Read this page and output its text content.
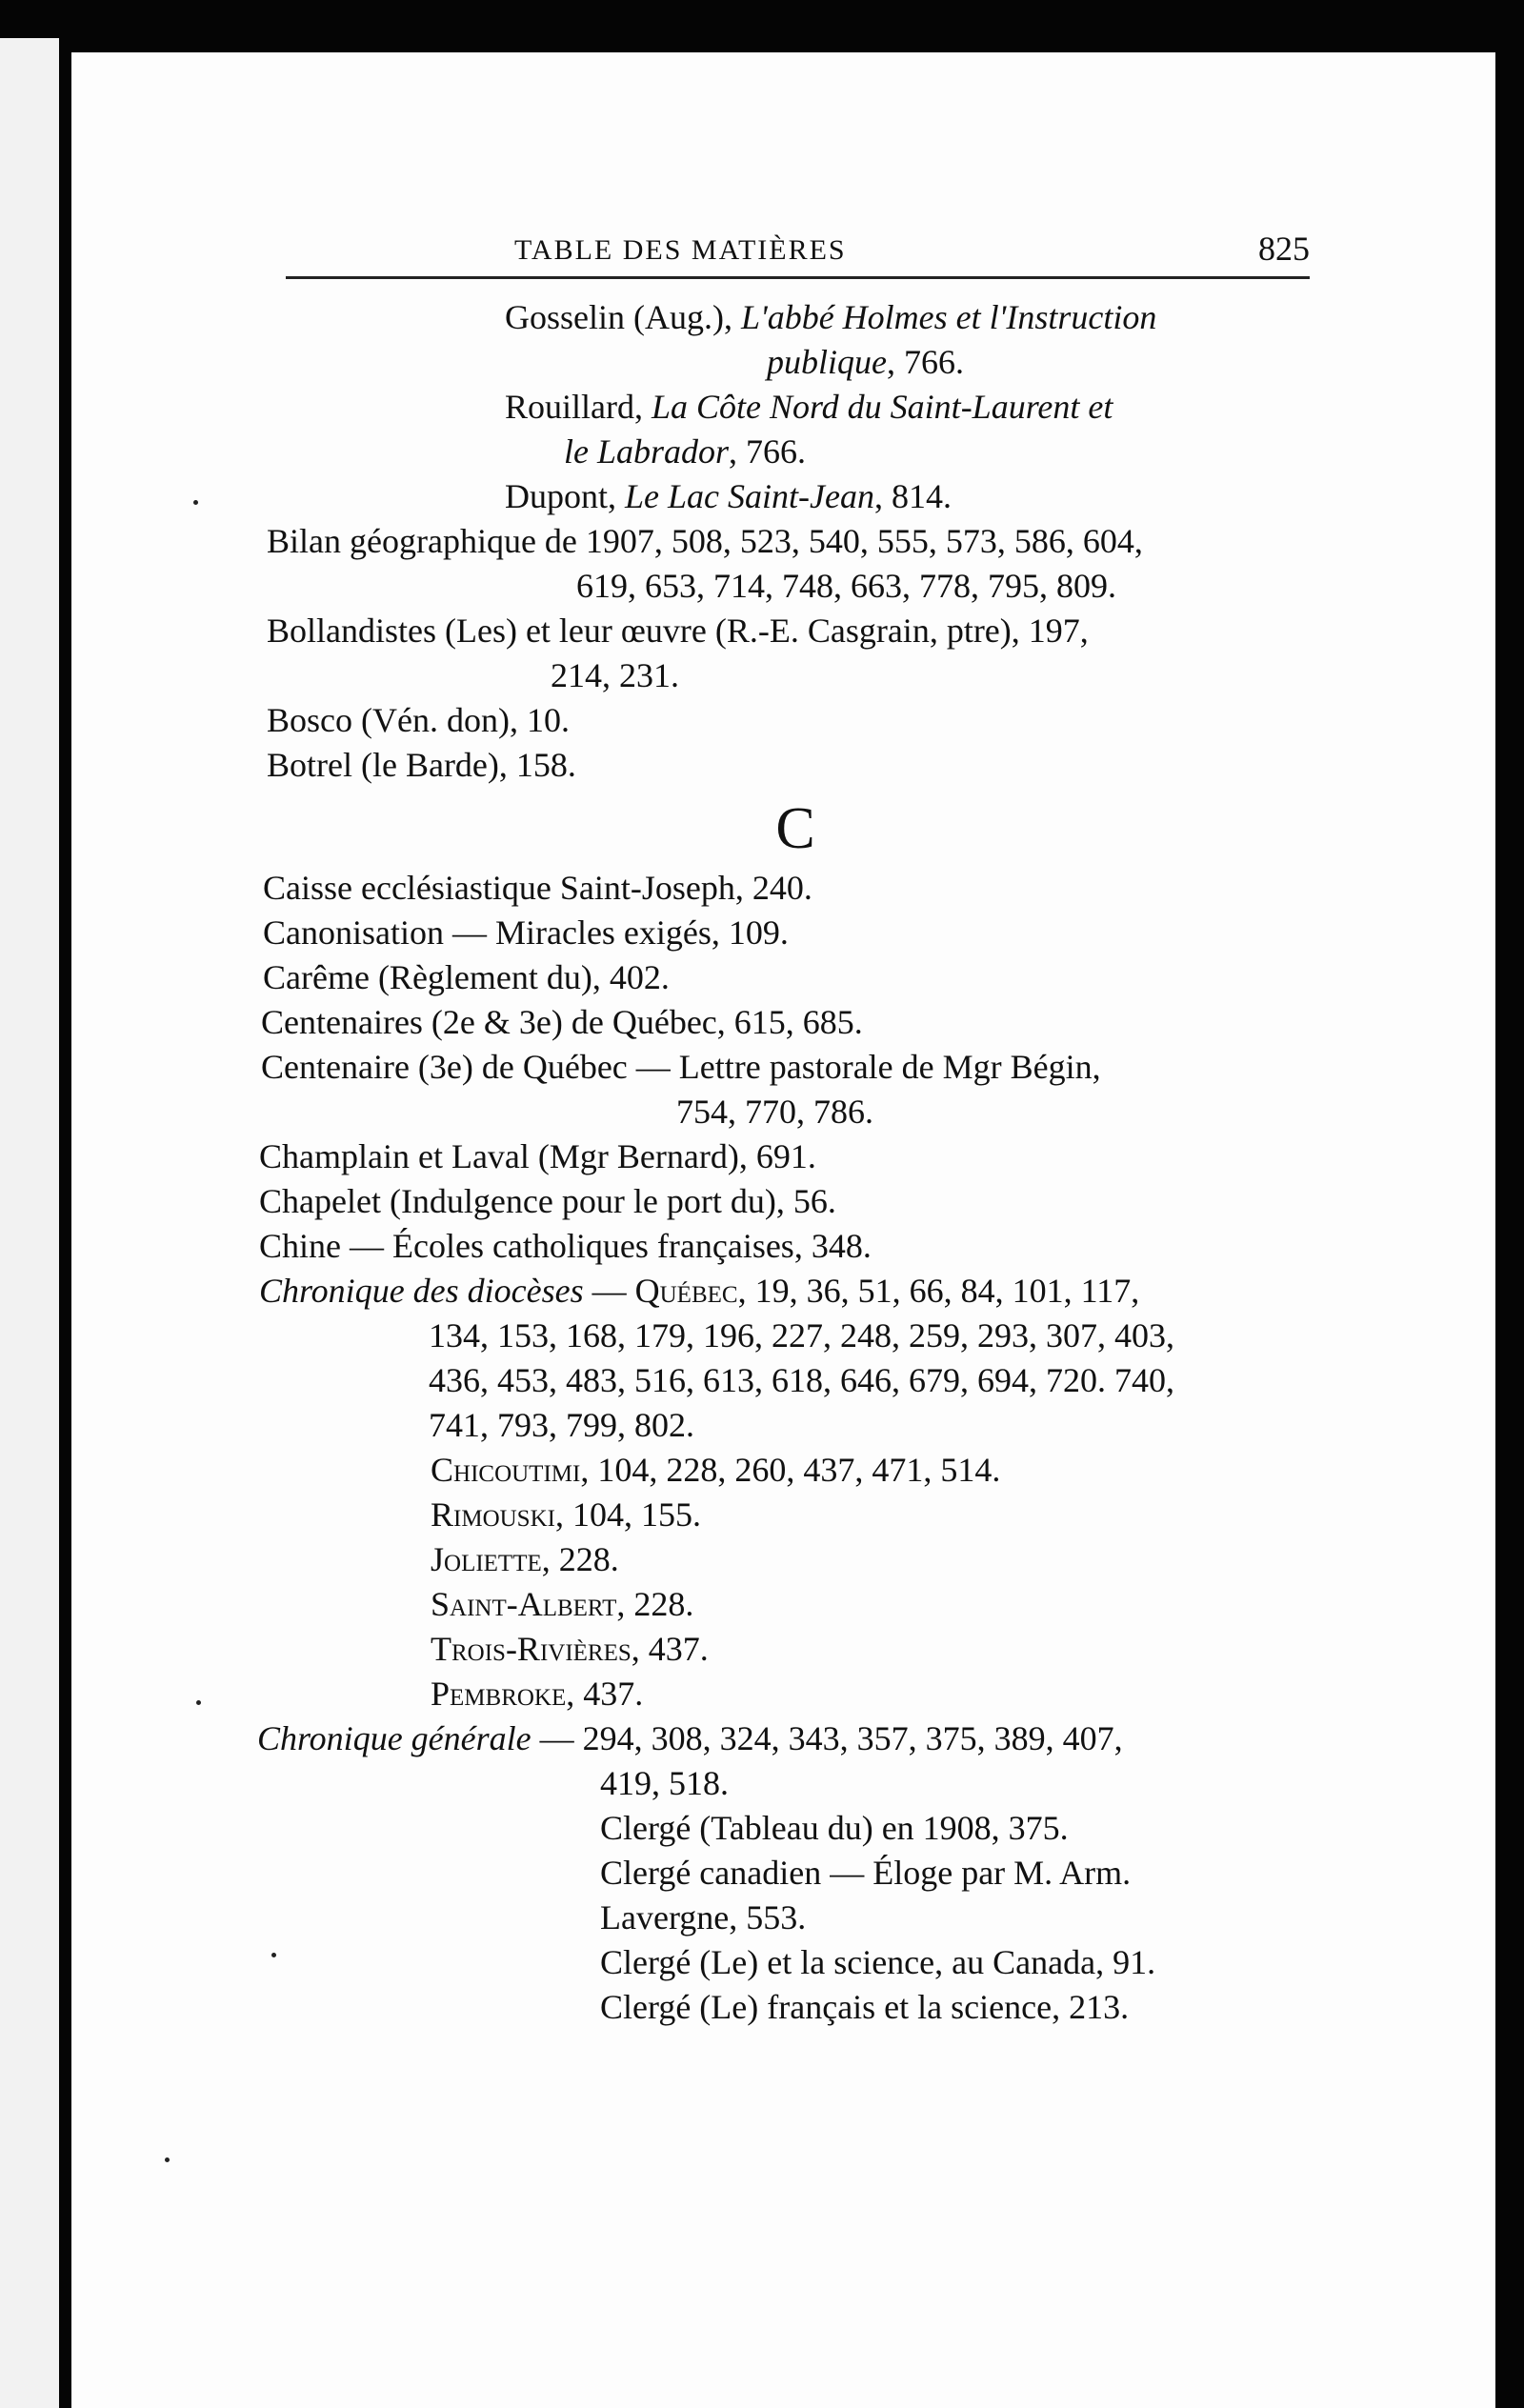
TABLE DES MATIÈRES	825

Gosselin (Aug.), L'abbé Holmes et l'Instruction

publique, 766.

Rouillard, La Côte Nord du Saint-Laurent et

le Labrador, 766.

Dupont, Le Lac Saint-Jean, 814.

Bilan géographique de 1907, 508, 523, 540, 555, 573, 586, 604,

619, 653, 714, 748, 663, 778, 795, 809.

Bollandistes (Les) et leur œuvre (R.-E. Casgrain, ptre), 197,

214, 231.

Bosco (Vén. don), 10.

Botrel (le Barde), 158.

C

Caisse ecclésiastique Saint-Joseph, 240.

Canonisation — Miracles exigés, 109.

Carême (Règlement du), 402.

Centenaires (2e & 3e) de Québec, 615, 685.

Centenaire (3e) de Québec — Lettre pastorale de Mgr Bégin,

754, 770, 786.

Champlain et Laval (Mgr Bernard), 691.

Chapelet (Indulgence pour le port du), 56.

Chine — Écoles catholiques françaises, 348.

Chronique des diocèses — Québec, 19, 36, 51, 66, 84, 101, 117,

134, 153, 168, 179, 196, 227, 248, 259, 293, 307, 403,

436, 453, 483, 516, 613, 618, 646, 679, 694, 720. 740,

741, 793, 799, 802.

Chicoutimi, 104, 228, 260, 437, 471, 514.

Rimouski, 104, 155.

Joliette, 228.

Saint-Albert, 228.

Trois-Rivières, 437.

Pembroke, 437.

Chronique générale — 294, 308, 324, 343, 357, 375, 389, 407,

419, 518.

Clergé (Tableau du) en 1908, 375.

Clergé canadien — Éloge par M. Arm.

Lavergne, 553.

Clergé (Le) et la science, au Canada, 91.

Clergé (Le) français et la science, 213.
